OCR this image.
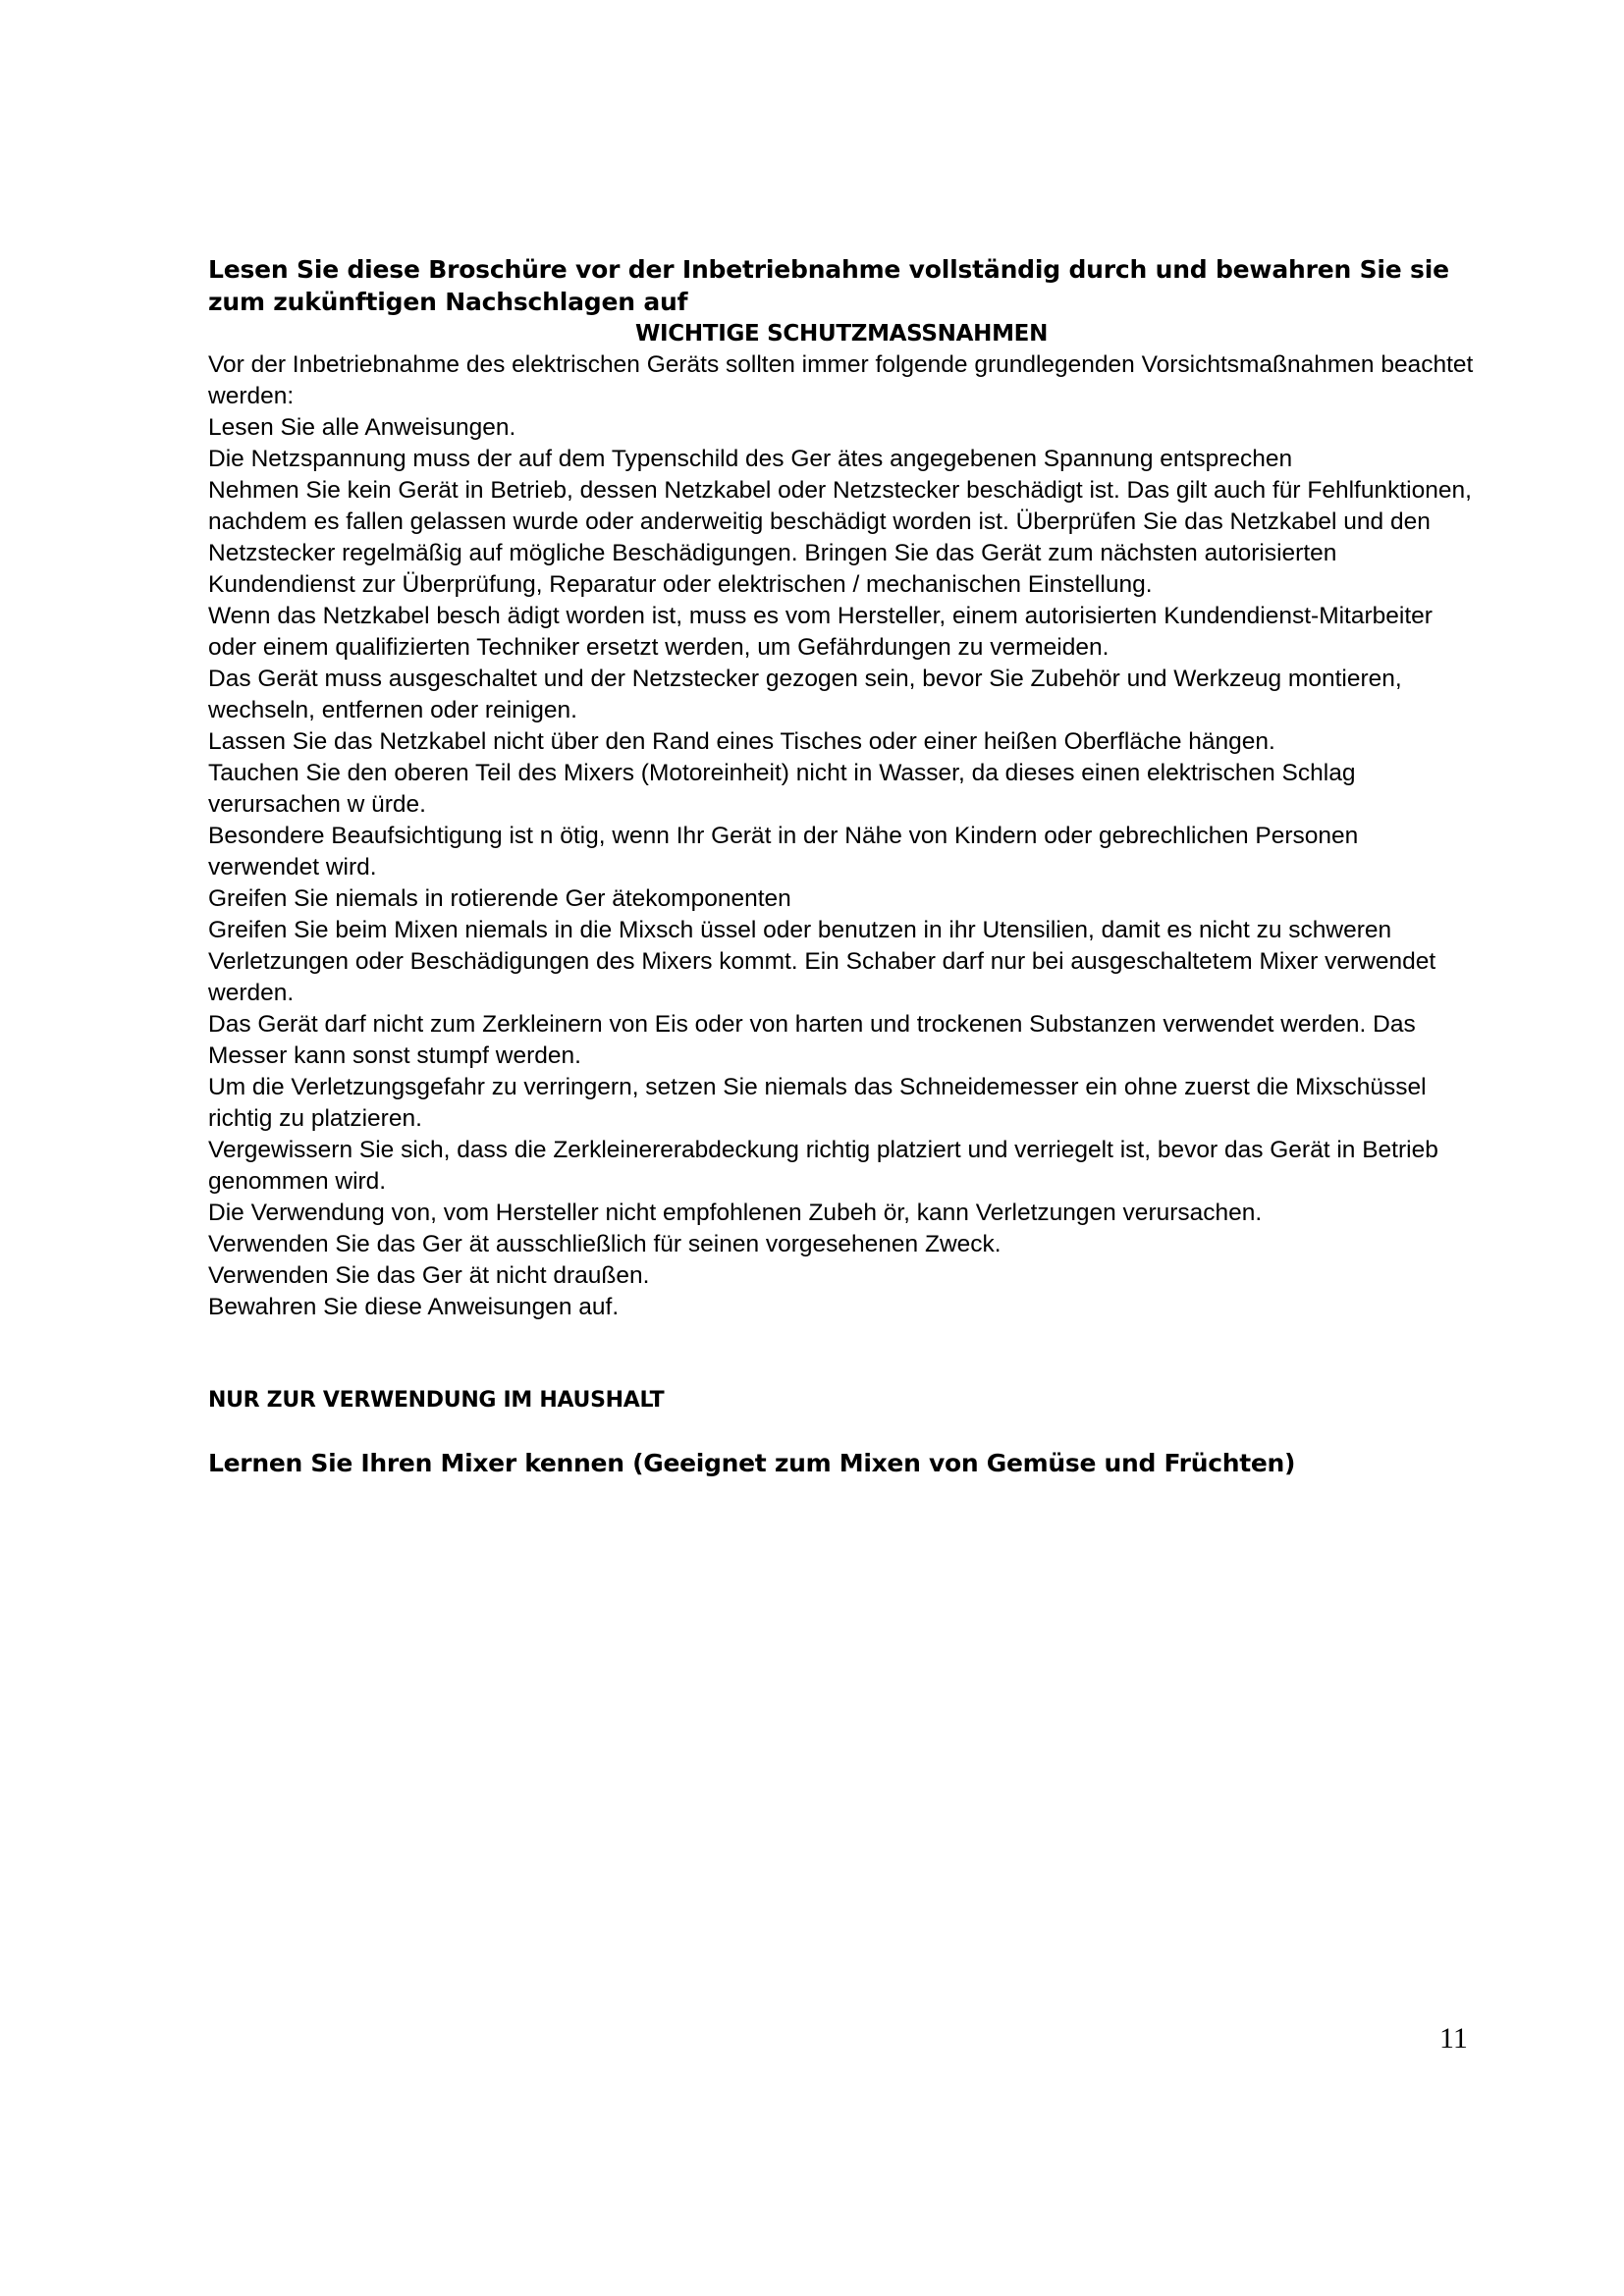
Lesen Sie diese Broschüre vor der Inbetriebnahme vollständig durch und bewahren Sie sie zum zukünftigen Nachschlagen auf

WICHTIGE SCHUTZMASSNAHMEN

Vor der Inbetriebnahme des elektrischen Geräts sollten immer folgende grundlegenden Vorsichtsmaßnahmen beachtet werden:

Lesen Sie alle Anweisungen.

Die Netzspannung muss der auf dem Typenschild des Ger ätes angegebenen Spannung entsprechen

Nehmen Sie kein Gerät in Betrieb, dessen Netzkabel oder Netzstecker beschädigt ist. Das gilt auch für Fehlfunktionen, nachdem es fallen gelassen wurde oder anderweitig beschädigt worden ist. Überprüfen Sie das Netzkabel und den Netzstecker regelmäßig auf mögliche Beschädigungen. Bringen Sie das Gerät zum nächsten autorisierten Kundendienst zur Überprüfung, Reparatur oder elektrischen / mechanischen Einstellung.

Wenn das Netzkabel besch ädigt worden ist, muss es vom Hersteller, einem autorisierten Kundendienst-Mitarbeiter oder einem qualifizierten Techniker ersetzt werden, um Gefährdungen zu vermeiden.

Das Gerät muss ausgeschaltet und der Netzstecker gezogen sein, bevor Sie Zubehör und Werkzeug montieren, wechseln, entfernen oder reinigen.

Lassen Sie das Netzkabel nicht über den Rand eines Tisches oder einer heißen Oberfläche hängen.

Tauchen Sie den oberen Teil des Mixers (Motoreinheit) nicht in Wasser, da dieses einen elektrischen Schlag verursachen w ürde.

Besondere Beaufsichtigung ist n ötig, wenn Ihr Gerät in der Nähe von Kindern oder gebrechlichen Personen verwendet wird.

Greifen Sie niemals in rotierende Ger ätekomponenten

Greifen Sie beim Mixen niemals in die Mixsch üssel oder benutzen in ihr Utensilien, damit es nicht zu schweren Verletzungen oder Beschädigungen des Mixers kommt. Ein Schaber darf nur bei ausgeschaltetem Mixer verwendet werden.

Das Gerät darf nicht zum Zerkleinern von Eis oder von harten und trockenen Substanzen verwendet werden. Das Messer kann sonst stumpf werden.

Um die Verletzungsgefahr zu verringern, setzen Sie niemals das Schneidemesser ein ohne zuerst die Mixschüssel richtig zu platzieren.

Vergewissern Sie sich, dass die Zerkleinererabdeckung richtig platziert und verriegelt ist, bevor das Gerät in Betrieb genommen wird.

Die Verwendung von, vom Hersteller nicht empfohlenen Zubeh ör, kann Verletzungen verursachen.

Verwenden Sie das Ger ät ausschließlich für seinen vorgesehenen Zweck.

Verwenden Sie das Ger ät nicht draußen.

Bewahren Sie diese Anweisungen auf.

NUR ZUR VERWENDUNG IM HAUSHALT

Lernen Sie Ihren Mixer kennen (Geeignet zum Mixen von Gemüse und Früchten)

11
